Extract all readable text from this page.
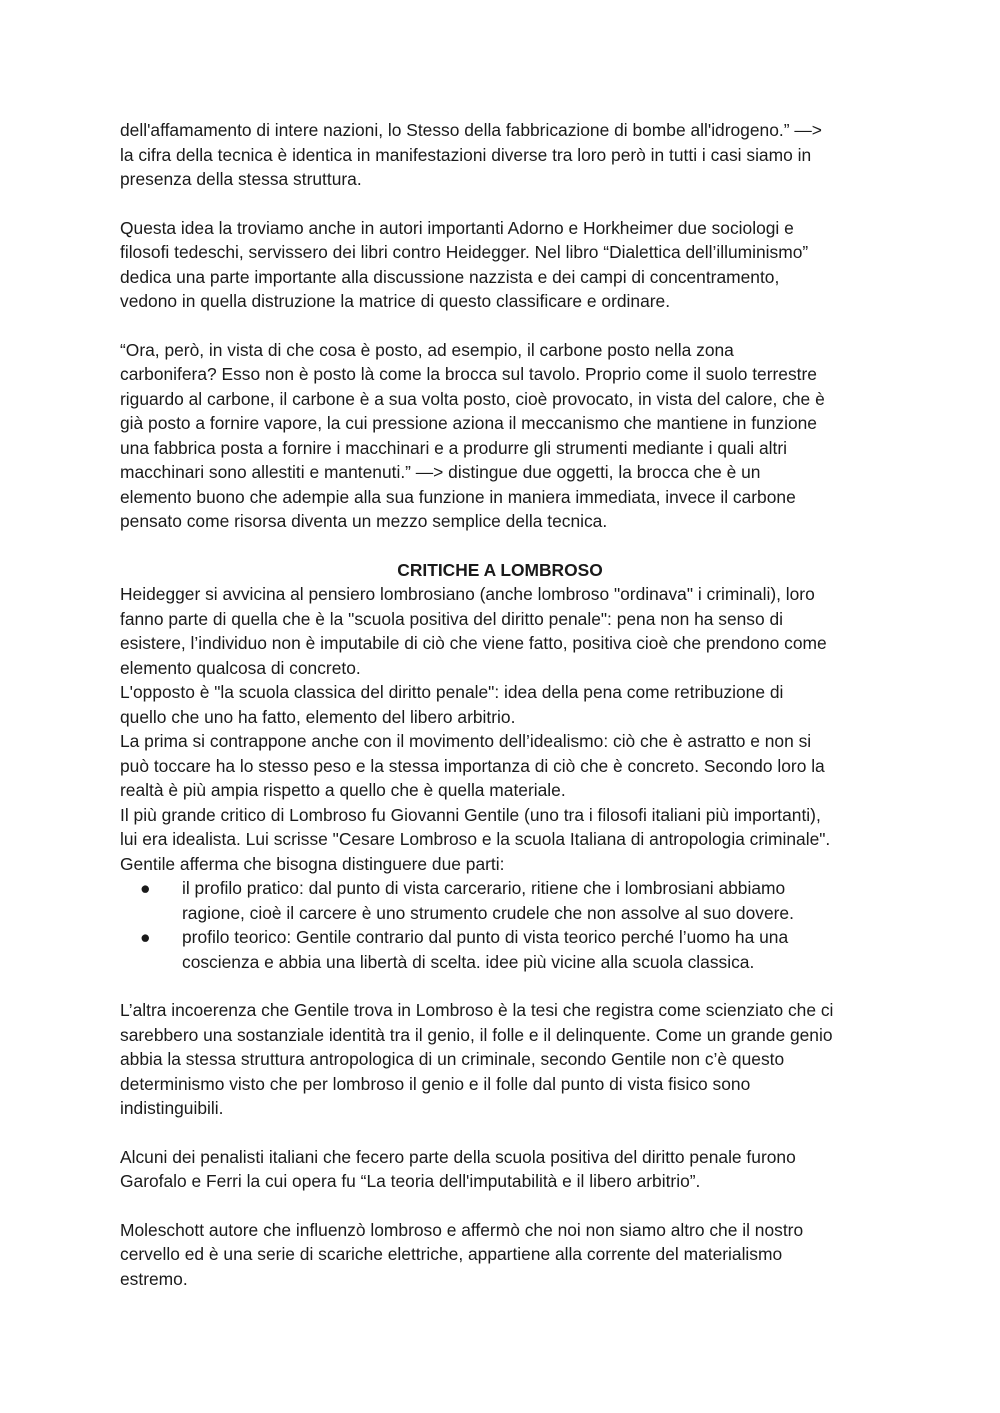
dell'affamamento di intere nazioni, lo Stesso della fabbricazione di bombe all'idrogeno.” —>
la cifra della tecnica è identica in manifestazioni diverse tra loro però in tutti i casi siamo in
presenza della stessa struttura.

Questa idea la troviamo anche in autori importanti Adorno e Horkheimer due sociologi e
filosofi tedeschi, servissero dei libri contro Heidegger. Nel libro “Dialettica dell’illuminismo”
dedica una parte importante alla discussione nazzista e dei campi di concentramento,
vedono in quella distruzione la matrice di questo classificare e ordinare.

“Ora, però, in vista di che cosa è posto, ad esempio, il carbone posto nella zona
carbonifera? Esso non è posto là come la brocca sul tavolo. Proprio come il suolo terrestre
riguardo al carbone, il carbone è a sua volta posto, cioè provocato, in vista del calore, che è
già posto a fornire vapore, la cui pressione aziona il meccanismo che mantiene in funzione
una fabbrica posta a fornire i macchinari e a produrre gli strumenti mediante i quali altri
macchinari sono allestiti e mantenuti.” —> distingue due oggetti, la brocca che è un
elemento buono che adempie alla sua funzione in maniera immediata, invece il carbone
pensato come risorsa diventa un mezzo semplice della tecnica.

CRITICHE A LOMBROSO

Heidegger si avvicina al pensiero lombrosiano (anche lombroso "ordinava" i criminali), loro
fanno parte di quella che è la "scuola positiva del diritto penale": pena non ha senso di
esistere, l’individuo non è imputabile di ciò che viene fatto, positiva cioè che prendono come
elemento qualcosa di concreto.
L'opposto è "la scuola classica del diritto penale": idea della pena come retribuzione di
quello che uno ha fatto, elemento del libero arbitrio.
La prima si contrappone anche con il movimento dell’idealismo: ciò che è astratto e non si
può toccare ha lo stesso peso e la stessa importanza di ciò che è concreto. Secondo loro la
realtà è più ampia rispetto a quello che è quella materiale.
Il più grande critico di Lombroso fu Giovanni Gentile (uno tra i filosofi italiani più importanti),
lui era idealista. Lui scrisse "Cesare Lombroso e la scuola Italiana di antropologia criminale".
Gentile afferma che bisogna distinguere due parti:

● il profilo pratico: dal punto di vista carcerario, ritiene che i lombrosiani abbiamo
ragione, cioè il carcere è uno strumento crudele che non assolve al suo dovere.
● profilo teorico: Gentile contrario dal punto di vista teorico perché l’uomo ha una
coscienza e abbia una libertà di scelta. idee più vicine alla scuola classica.

L’altra incoerenza che Gentile trova in Lombroso è la tesi che registra come scienziato che ci
sarebbero una sostanziale identità tra il genio, il folle e il delinquente. Come un grande genio
abbia la stessa struttura antropologica di un criminale, secondo Gentile non c’è questo
determinismo visto che per lombroso il genio e il folle dal punto di vista fisico sono
indistinguibili.

Alcuni dei penalisti italiani che fecero parte della scuola positiva del diritto penale furono
Garofalo e Ferri la cui opera fu “La teoria dell'imputabilità e il libero arbitrio”.

Moleschott autore che influenzò lombroso e affermò che noi non siamo altro che il nostro
cervello ed è una serie di scariche elettriche, appartiene alla corrente del materialismo
estremo.
